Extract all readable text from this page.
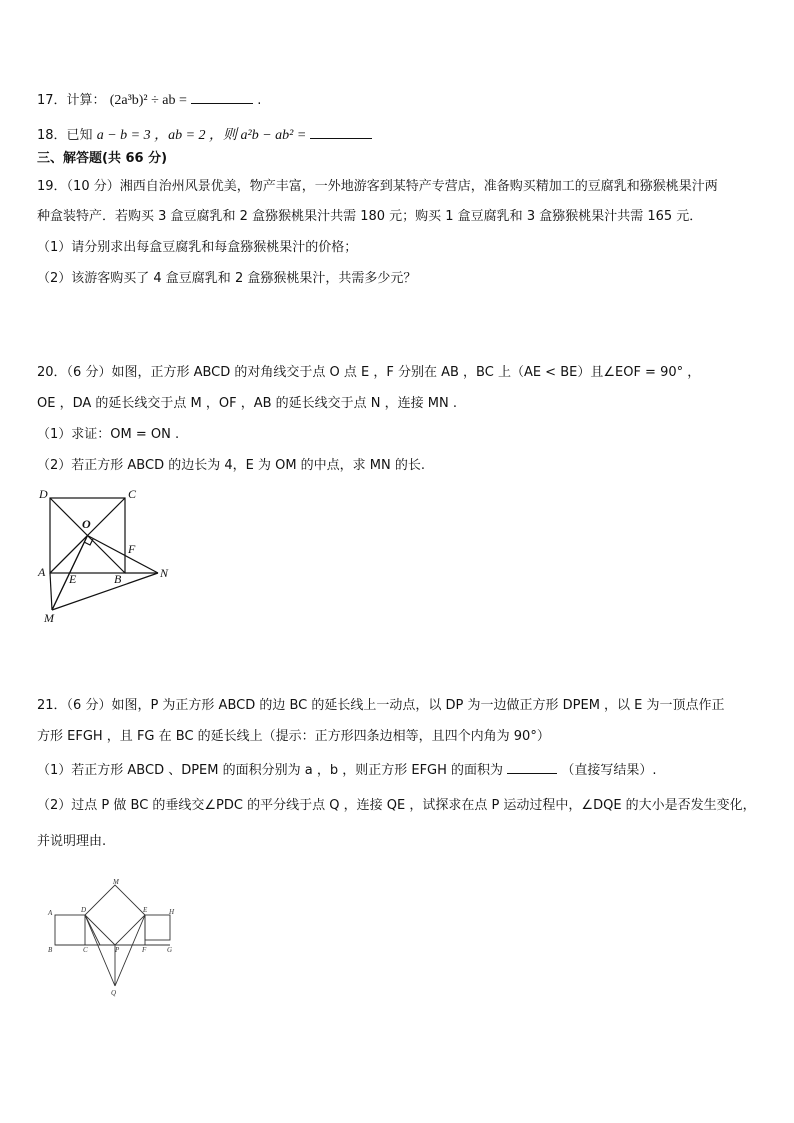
17．计算： (2a³b)² ÷ ab =	.
18．已知 a − b = 3 ，ab = 2 ，则 a²b − ab² =
三、解答题(共 66 分)
19．（10 分）湘西自治州风景优美，物产丰富，一外地游客到某特产专营店，准备购买精加工的豆腐乳和猕猴桃果汁两
种盒装特产．若购买 3 盒豆腐乳和 2 盒猕猴桃果汁共需 180 元；购买 1 盒豆腐乳和 3 盒猕猴桃果汁共需 165 元．
（1）请分别求出每盒豆腐乳和每盒猕猴桃果汁的价格；
（2）该游客购买了 4 盒豆腐乳和 2 盒猕猴桃果汁，共需多少元？
20．（6 分）如图，正方形 ABCD 的对角线交于点 O 点 E ，F 分别在 AB ，BC 上（AE < BE）且∠EOF = 90° ，
OE ，DA 的延长线交于点 M ，OF ，AB 的延长线交于点 N ，连接 MN .
（1）求证：OM = ON .
（2）若正方形 ABCD 的边长为 4，E 为 OM 的中点，求 MN 的长.
D	C
O
F
A E	B	N
M
21．（6 分）如图，P 为正方形 ABCD 的边 BC 的延长线上一动点，以 DP 为一边做正方形 DPEM ，以 E 为一顶点作正
方形 EFGH ，且 FG 在 BC 的延长线上（提示：正方形四条边相等，且四个内角为 90°）
（1）若正方形 ABCD 、DPEM 的面积分别为 a ，b ，则正方形 EFGH 的面积为	（直接写结果）.
（2）过点 P 做 BC 的垂线交∠PDC 的平分线于点 Q ，连接 QE ，试探求在点 P 运动过程中，∠DQE 的大小是否发生变化，
并说明理由.
M
A	D	E	H
B	C	P	F	G
Q
